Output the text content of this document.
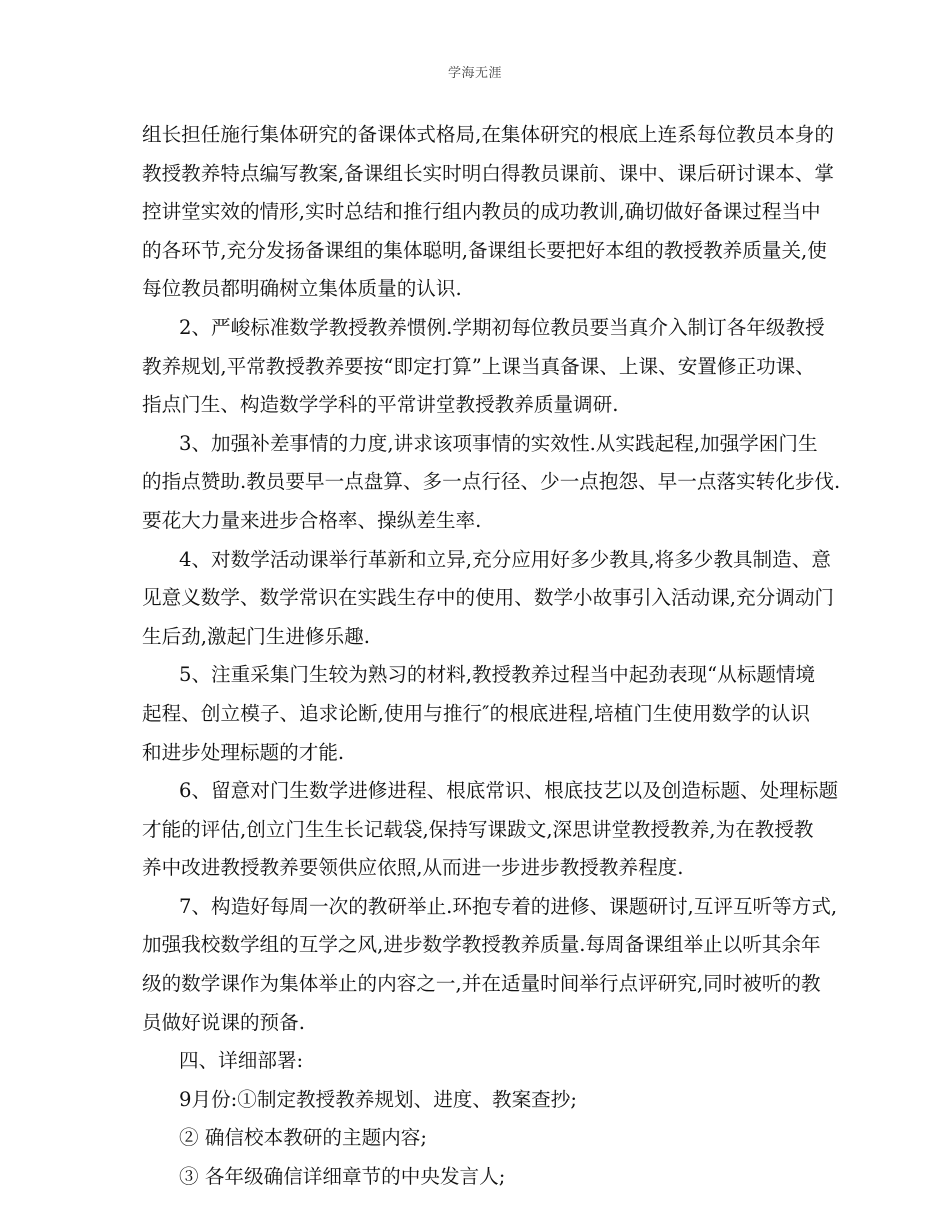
学海无涯
组长担任施行集体研究的备课体式格局,在集体研究的根底上连系每位教员本身的
教授教养特点编写教案,备课组长实时明白得教员课前、课中、课后研讨课本、掌
控讲堂实效的情形,实时总结和推行组内教员的成功教训,确切做好备课过程当中
的各环节,充分发扬备课组的集体聪明,备课组长要把好本组的教授教养质量关,使
每位教员都明确树立集体质量的认识.
2、严峻标准数学教授教养惯例.学期初每位教员要当真介入制订各年级教授
教养规划,平常教授教养要按“即定打算”上课当真备课、上课、安置修正功课、
指点门生、构造数学学科的平常讲堂教授教养质量调研.
3、加强补差事情的力度,讲求该项事情的实效性.从实践起程,加强学困门生
的指点赞助.教员要早一点盘算、多一点行径、少一点抱怨、早一点落实转化步伐.
要花大力量来进步合格率、操纵差生率.
4、对数学活动课举行革新和立异,充分应用好多少教具,将多少教具制造、意
见意义数学、数学常识在实践生存中的使用、数学小故事引入活动课,充分调动门
生后劲,激起门生进修乐趣.
5、注重采集门生较为熟习的材料,教授教养过程当中起劲表现“从标题情境
起程、创立模子、追求论断,使用与推行″的根底进程,培植门生使用数学的认识
和进步处理标题的才能.
6、留意对门生数学进修进程、根底常识、根底技艺以及创造标题、处理标题
才能的评估,创立门生生长记载袋,保持写课跋文,深思讲堂教授教养,为在教授教
养中改进教授教养要领供应依照,从而进一步进步教授教养程度.
7、构造好每周一次的教研举止.环抱专着的进修、课题研讨,互评互听等方式,
加强我校数学组的互学之风,进步数学教授教养质量.每周备课组举止以听其余年
级的数学课作为集体举止的内容之一,并在适量时间举行点评研究,同时被听的教
员做好说课的预备.
四、详细部署:
9月份:①制定教授教养规划、进度、教案查抄;
② 确信校本教研的主题内容;
③ 各年级确信详细章节的中央发言人;
